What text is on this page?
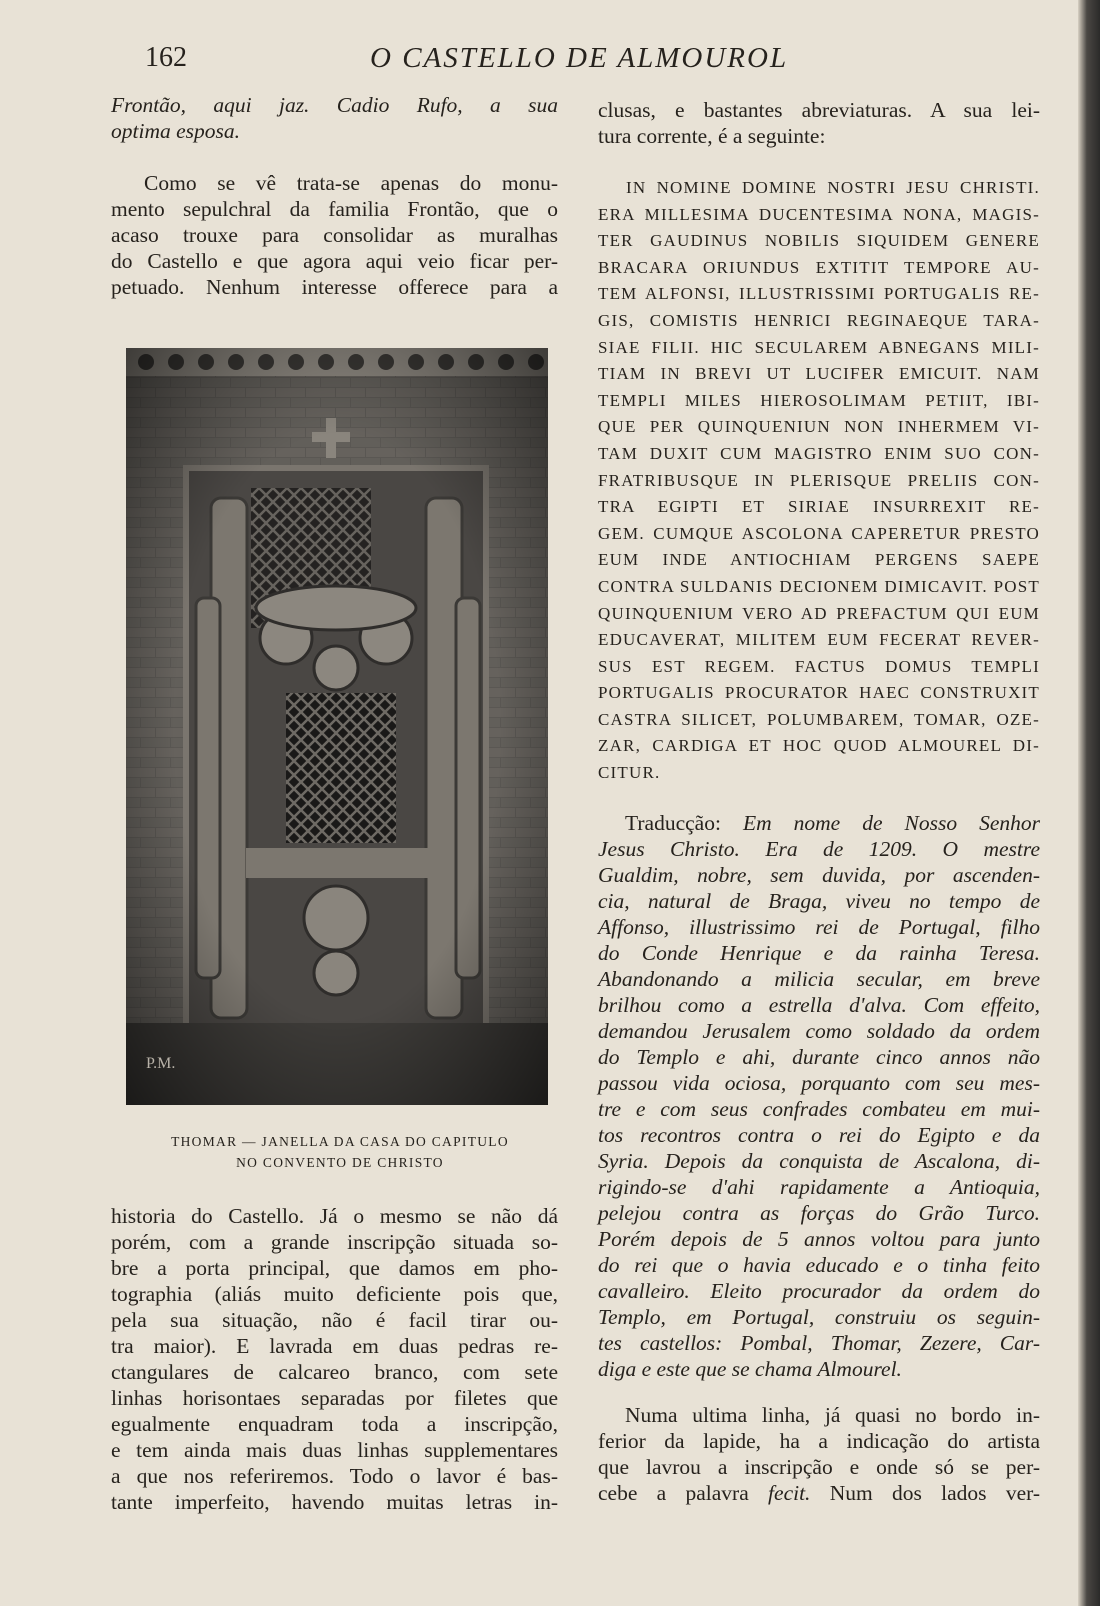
162	O CASTELLO DE ALMOUROL

Frontão, aqui jaz. Cadio Rufo, a sua
optima esposa.

Como se vê trata-se apenas do monu-
mento sepulchral da familia Frontão, que o
acaso trouxe para consolidar as muralhas
do Castello e que agora aqui veio ficar per-
petuado. Nenhum interesse offerece para a

P.M.
THOMAR — JANELLA DA CASA DO CAPITULO
NO CONVENTO DE CHRISTO

historia do Castello. Já o mesmo se não dá
porém, com a grande inscripção situada so-
bre a porta principal, que damos em pho-
tographia (aliás muito deficiente pois que,
pela sua situação, não é facil tirar ou-
tra maior). E lavrada em duas pedras re-
ctangulares de calcareo branco, com sete
linhas horisontaes separadas por filetes que
egualmente enquadram toda a inscripção,
e tem ainda mais duas linhas supplementares
a que nos referiremos. Todo o lavor é bas-
tante imperfeito, havendo muitas letras in-

clusas, e bastantes abreviaturas. A sua lei-
tura corrente, é a seguinte:

IN NOMINE DOMINE NOSTRI JESU CHRISTI.
ERA MILLESIMA DUCENTESIMA NONA, MAGIS-
TER GAUDINUS NOBILIS SIQUIDEM GENERE
BRACARA ORIUNDUS EXTITIT TEMPORE AU-
TEM ALFONSI, ILLUSTRISSIMI PORTUGALIS RE-
GIS, COMISTIS HENRICI REGINAEQUE TARA-
SIAE FILII. HIC SECULAREM ABNEGANS MILI-
TIAM IN BREVI UT LUCIFER EMICUIT. NAM
TEMPLI MILES HIEROSOLIMAM PETIIT, IBI-
QUE PER QUINQUENIUN NON INHERMEM VI-
TAM DUXIT CUM MAGISTRO ENIM SUO CON-
FRATRIBUSQUE IN PLERISQUE PRELIIS CON-
TRA EGIPTI ET SIRIAE INSURREXIT RE-
GEM. CUMQUE ASCOLONA CAPERETUR PRESTO
EUM INDE ANTIOCHIAM PERGENS SAEPE
CONTRA SULDANIS DECIONEM DIMICAVIT. POST
QUINQUENIUM VERO AD PREFACTUM QUI EUM
EDUCAVERAT, MILITEM EUM FECERAT REVER-
SUS EST REGEM. FACTUS DOMUS TEMPLI
PORTUGALIS PROCURATOR HAEC CONSTRUXIT
CASTRA SILICET, POLUMBAREM, TOMAR, OZE-
ZAR, CARDIGA ET HOC QUOD ALMOUREL DI-
CITUR.

Traducção: Em nome de Nosso Senhor
Jesus Christo. Era de 1209. O mestre
Gualdim, nobre, sem duvida, por ascenden-
cia, natural de Braga, viveu no tempo de
Affonso, illustrissimo rei de Portugal, filho
do Conde Henrique e da rainha Teresa.
Abandonando a milicia secular, em breve
brilhou como a estrella d'alva. Com effeito,
demandou Jerusalem como soldado da ordem
do Templo e ahi, durante cinco annos não
passou vida ociosa, porquanto com seu mes-
tre e com seus confrades combateu em mui-
tos recontros contra o rei do Egipto e da
Syria. Depois da conquista de Ascalona, di-
rigindo-se d'ahi rapidamente a Antioquia,
pelejou contra as forças do Grão Turco.
Porém depois de 5 annos voltou para junto
do rei que o havia educado e o tinha feito
cavalleiro. Eleito procurador da ordem do
Templo, em Portugal, construiu os seguin-
tes castellos: Pombal, Thomar, Zezere, Car-
diga e este que se chama Almourel.

Numa ultima linha, já quasi no bordo in-
ferior da lapide, ha a indicação do artista
que lavrou a inscripção e onde só se per-
cebe a palavra fecit. Num dos lados ver-
